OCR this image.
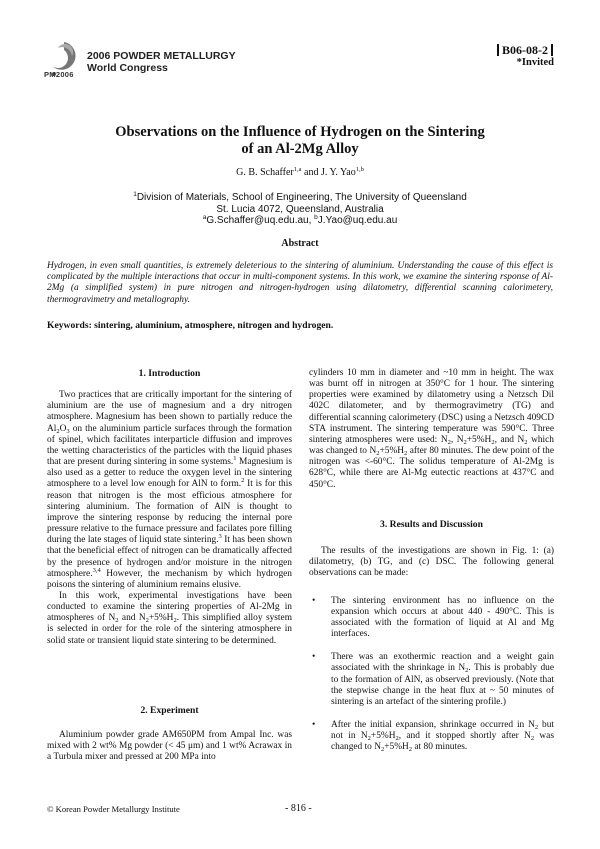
2006 POWDER METALLURGY
World Congress
PM2006
B06-08-2
*Invited
Observations on the Influence of Hydrogen on the Sintering
of an Al-2Mg Alloy
G. B. Schaffer$^{1,a}$ and J. Y. Yao$^{1,b}$
$^1$Division of Materials, School of Engineering, The University of Queensland
St. Lucia 4072, Queensland, Australia
$^a$G.Schaffer@uq.edu.au, $^b$J.Yao@uq.edu.au
Abstract
Hydrogen, in even small quantities, is extremely deleterious to the sintering of aluminium. Understanding the cause of this effect is complicated by the multiple interactions that occur in multi-component systems. In this work, we examine the sintering rsponse of Al-2Mg (a simplified system) in pure nitrogen and nitrogen-hydrogen using dilatometry, differential scanning calorimetery, thermogravimetry and metallography.
Keywords: sintering, aluminium, atmosphere, nitrogen and hydrogen.

1. Introduction

Two practices that are critically important for the sintering of aluminium are the use of magnesium and a dry nitrogen atmosphere. Magnesium has been shown to partially reduce the $Al_2O_3$ on the aluminium particle surfaces through the formation of spinel, which facilitates interparticle diffusion and improves the wetting characteristics of the particles with the liquid phases that are present during sintering in some systems.$^1$ Magnesium is also used as a getter to reduce the oxygen level in the sintering atmosphere to a level low enough for AlN to form.$^2$ It is for this reason that nitrogen is the most efficious atmosphere for sintering aluminium. The formation of AlN is thought to improve the sintering response by reducing the internal pore pressure relative to the furnace pressure and facilates pore filling during the late stages of liquid state sintering.$^3$ It has been shown that the beneficial effect of nitrogen can be dramatically affected by the presence of hydrogen and/or moisture in the nitrogen atmosphere.$^{3,4}$ However, the mechanism by which hydrogen poisons the sintering of aluminium remains elusive.

In this work, experimental investigations have been conducted to examine the sintering properties of Al-2Mg in atmospheres of $N_2$ and $N_2+5\%H_2$. This simplified alloy system is selected in order for the role of the sintering atmosphere in solid state or transient liquid state sintering to be determined.

2. Experiment

Aluminium powder grade AM650PM from Ampal Inc. was mixed with 2 wt% Mg powder (< 45 μm) and 1 wt% Acrawax in a Turbula mixer and pressed at 200 MPa into

cylinders 10 mm in diameter and ~10 mm in height. The wax was burnt off in nitrogen at 350°C for 1 hour. The sintering properties were examined by dilatometry using a Netzsch Dil 402C dilatometer, and by thermogravimetry (TG) and differential scanning calorimetery (DSC) using a Netzsch 409CD STA instrument. The sintering temperature was 590°C. Three sintering atmospheres were used: $N_2$, $N_2+5\%H_2$, and $N_2$ which was changed to $N_2+5\%H_2$ after 80 minutes. The dew point of the nitrogen was <-60°C. The solidus temperature of Al-2Mg is 628°C, while there are Al-Mg eutectic reactions at 437°C and 450°C.

3. Results and Discussion

The results of the investigations are shown in Fig. 1: (a) dilatometry, (b) TG, and (c) DSC. The following general observations can be made:

• The sintering environment has no influence on the expansion which occurs at about 440 - 490°C. This is associated with the formation of liquid at Al and Mg interfaces.
• There was an exothermic reaction and a weight gain associated with the shrinkage in $N_2$. This is probably due to the formation of AlN, as observed previously. (Note that the stepwise change in the heat flux at ~ 50 minutes of sintering is an artefact of the sintering profile.)
• After the initial expansion, shrinkage occurred in $N_2$ but not in $N_2+5\%H_2$, and it stopped shortly after $N_2$ was changed to $N_2+5\%H_2$ at 80 minutes.
© Korean Powder Metallurgy Institute	- 816 -
